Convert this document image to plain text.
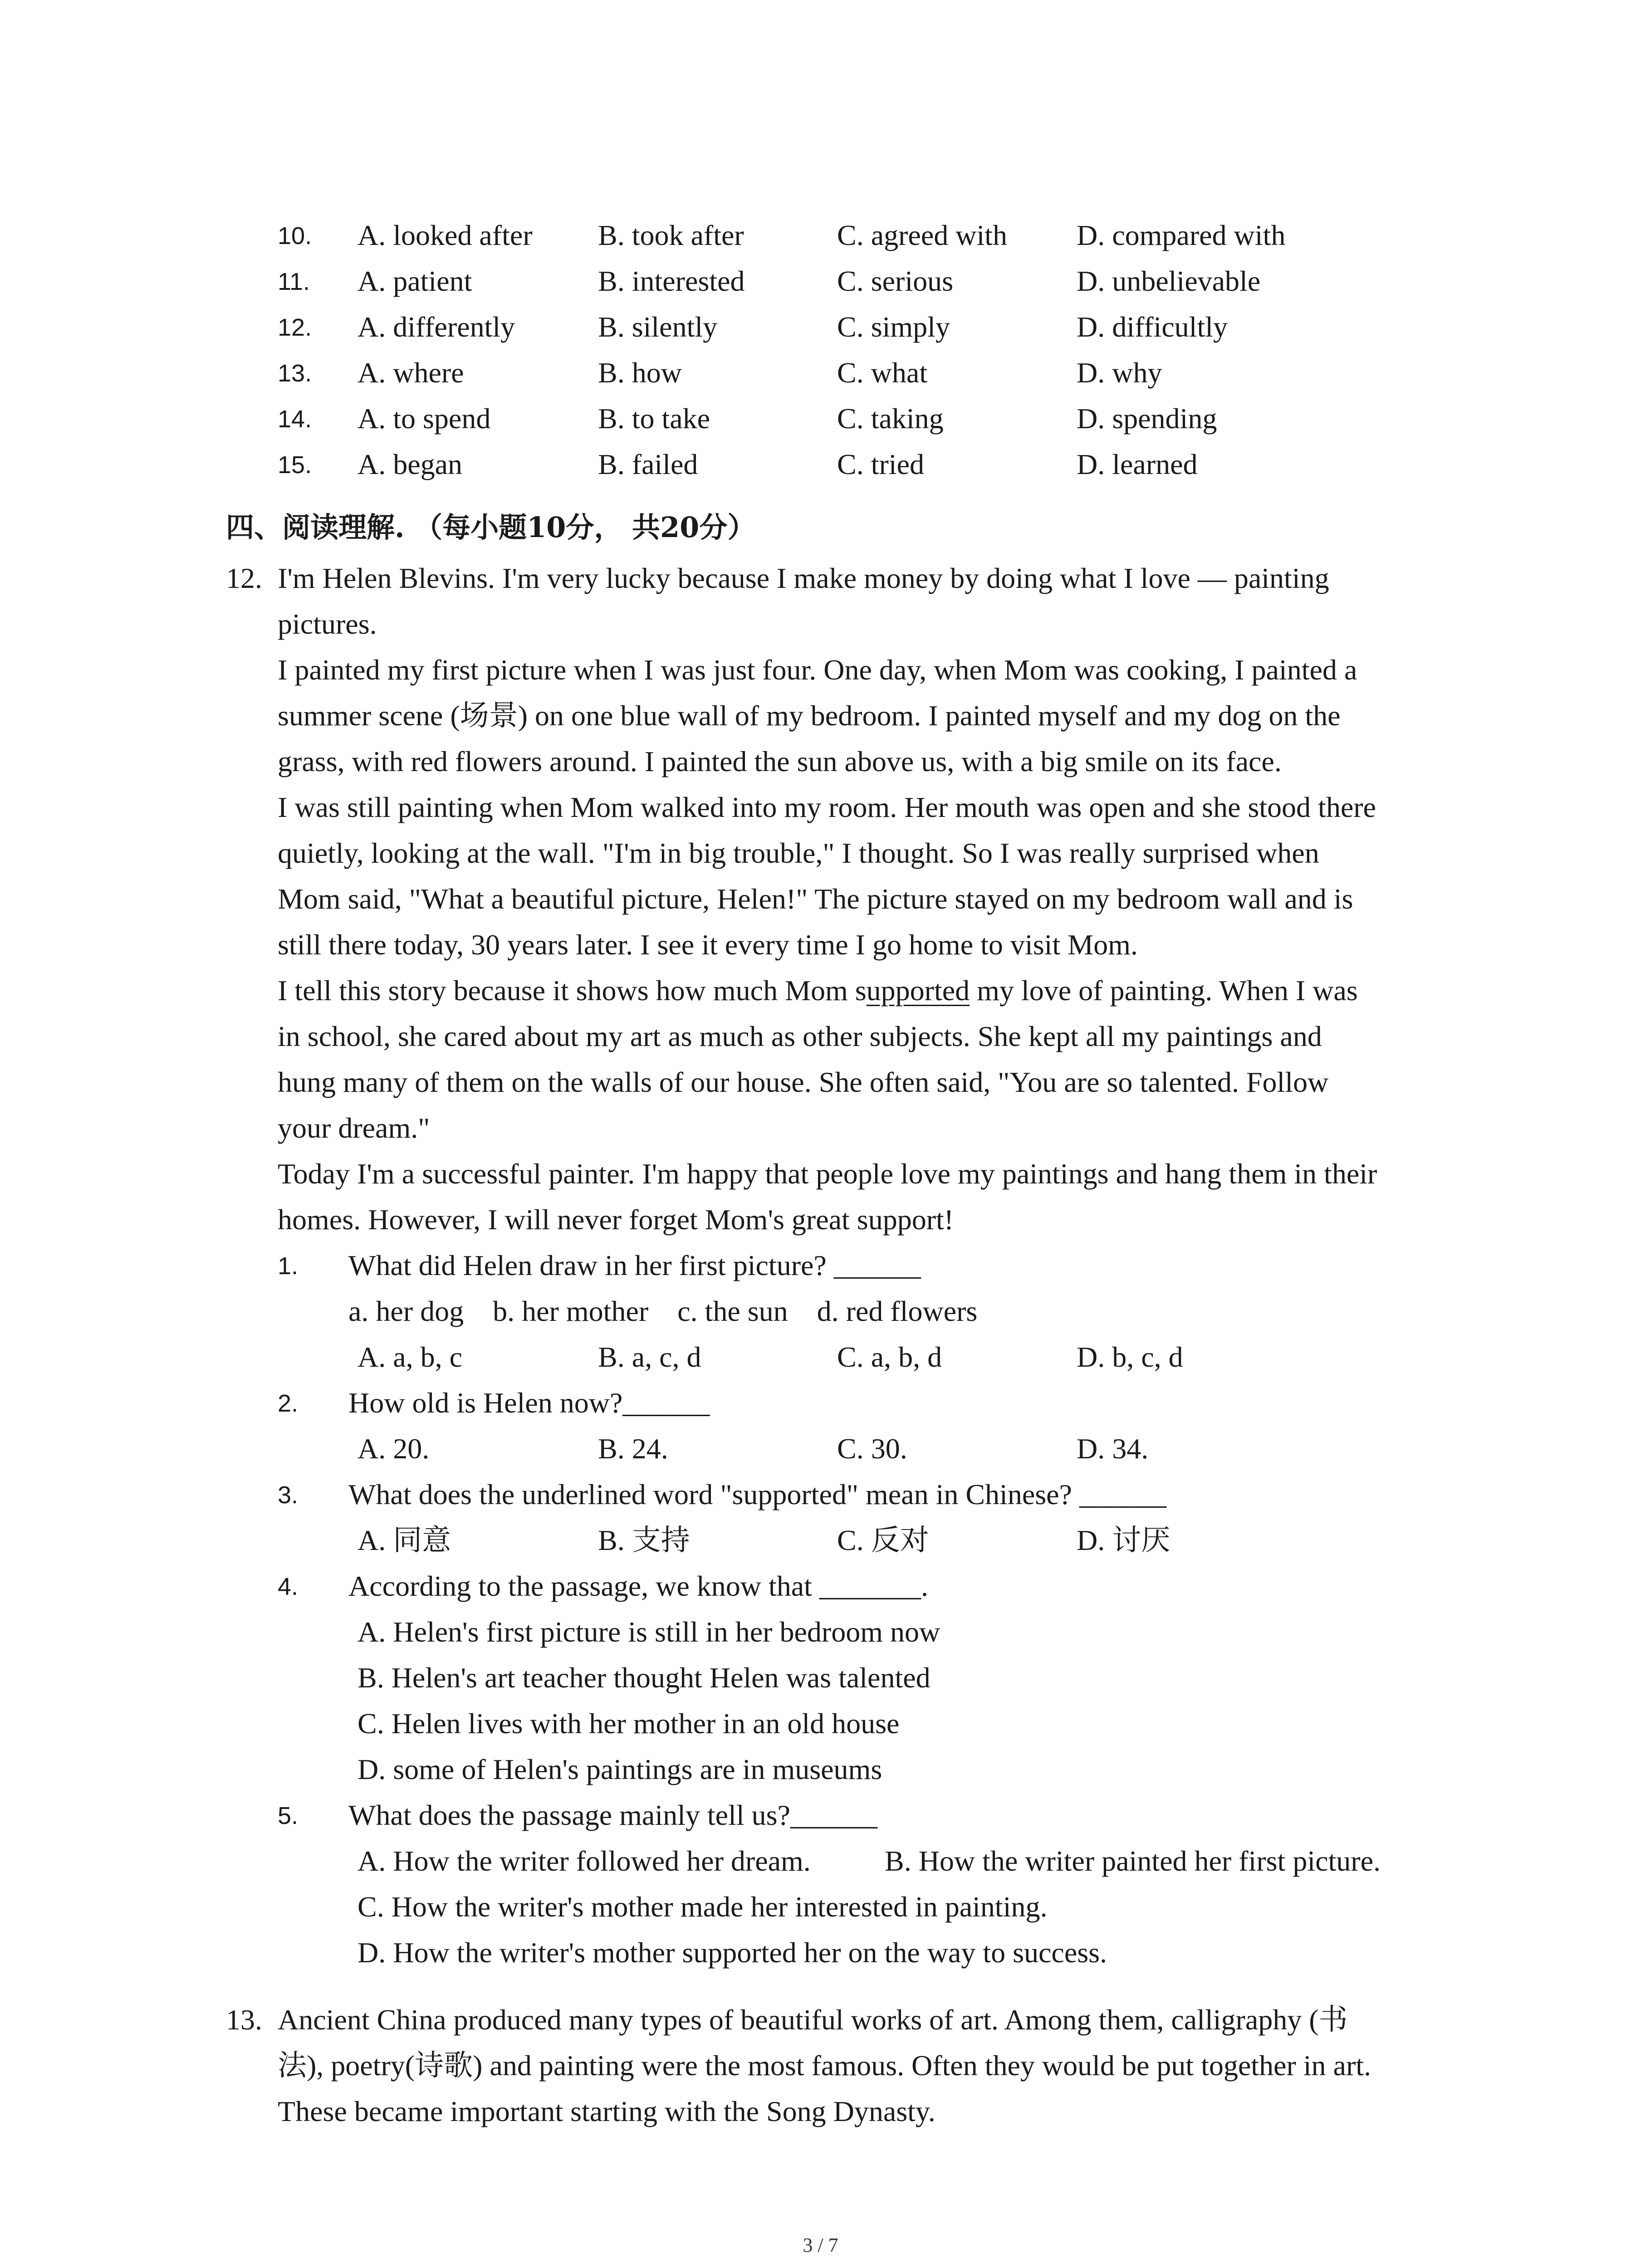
10. A. looked after B. took after	C. agreed with D. compared with
11. A. patient	B. interested	C. serious	D. unbelievable
12. A. differently	B. silently	C. simply	D. difficultly
13. A. where	B. how	C. what	D. why
14. A. to spend	B. to take	C. taking	D. spending
15. A. began	B. failed	C. tried	D. learned
四、阅读理解. （每小题10分， 共20分）
12. I'm Helen Blevins. I'm very lucky because I make money by doing what I love — painting
pictures.
I painted my first picture when I was just four. One day, when Mom was cooking, I painted a
summer scene (场景) on one blue wall of my bedroom. I painted myself and my dog on the
grass, with red flowers around. I painted the sun above us, with a big smile on its face.
I was still painting when Mom walked into my room. Her mouth was open and she stood there
quietly, looking at the wall. "I'm in big trouble," I thought. So I was really surprised when
Mom said, "What a beautiful picture, Helen!" The picture stayed on my bedroom wall and is
still there today, 30 years later. I see it every time I go home to visit Mom.
I tell this story because it shows how much Mom supported my love of painting. When I was
in school, she cared about my art as much as other subjects. She kept all my paintings and
hung many of them on the walls of our house. She often said, "You are so talented. Follow
your dream."
Today I'm a successful painter. I'm happy that people love my paintings and hang them in their
homes. However, I will never forget Mom's great support!
1. What did Helen draw in her first picture? ______
a. her dog    b. her mother    c. the sun    d. red flowers
A. a, b, c	B. a, c, d	C. a, b, d	D. b, c, d
2. How old is Helen now?______
A. 20.	B. 24.	C. 30.	D. 34.
3. What does the underlined word "supported" mean in Chinese? ______
A. 同意	B. 支持	C. 反对	D. 讨厌
4. According to the passage, we know that _______.
A. Helen's first picture is still in her bedroom now
B. Helen's art teacher thought Helen was talented
C. Helen lives with her mother in an old house
D. some of Helen's paintings are in museums
5. What does the passage mainly tell us?______
A. How the writer followed her dream.	B. How the writer painted her first picture.
C. How the writer's mother made her interested in painting.
D. How the writer's mother supported her on the way to success.
13. Ancient China produced many types of beautiful works of art. Among them, calligraphy (书
法), poetry(诗歌) and painting were the most famous. Often they would be put together in art.
These became important starting with the Song Dynasty.
3 / 7
